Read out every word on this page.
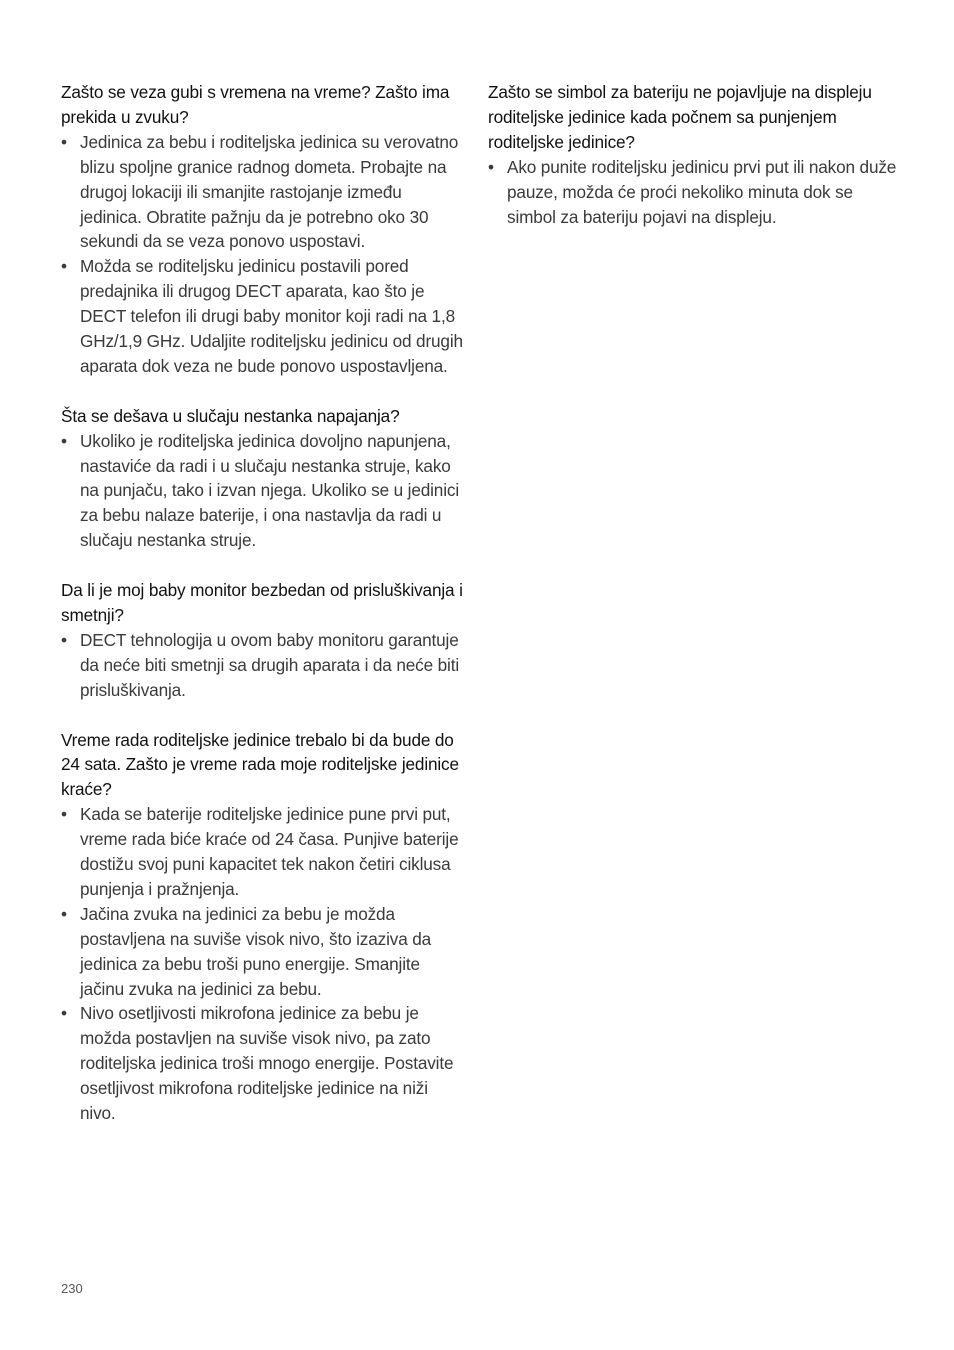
Zašto se veza gubi s vremena na vreme? Zašto ima prekida u zvuku?

• Jedinica za bebu i roditeljska jedinica su verovatno blizu spoljne granice radnog dometa. Probajte na drugoj lokaciji ili smanjite rastojanje između jedinica. Obratite pažnju da je potrebno oko 30 sekundi da se veza ponovo uspostavi.
• Možda se roditeljsku jedinicu postavili pored predajnika ili drugog DECT aparata, kao što je DECT telefon ili drugi baby monitor koji radi na 1,8 GHz/1,9 GHz. Udaljite roditeljsku jedinicu od drugih aparata dok veza ne bude ponovo uspostavljena.

Šta se dešava u slučaju nestanka napajanja?

• Ukoliko je roditeljska jedinica dovoljno napunjena, nastaviće da radi i u slučaju nestanka struje, kako na punjaču, tako i izvan njega. Ukoliko se u jedinici za bebu nalaze baterije, i ona nastavlja da radi u slučaju nestanka struje.

Da li je moj baby monitor bezbedan od prisluškivanja i smetnji?

• DECT tehnologija u ovom baby monitoru garantuje da neće biti smetnji sa drugih aparata i da neće biti prisluškivanja.

Vreme rada roditeljske jedinice trebalo bi da bude do 24 sata. Zašto je vreme rada moje roditeljske jedinice kraće?

• Kada se baterije roditeljske jedinice pune prvi put, vreme rada biće kraće od 24 časa. Punjive baterije dostižu svoj puni kapacitet tek nakon četiri ciklusa punjenja i pražnjenja.
• Jačina zvuka na jedinici za bebu je možda postavljena na suviše visok nivo, što izaziva da jedinica za bebu troši puno energije. Smanjite jačinu zvuka na jedinici za bebu.
• Nivo osetljivosti mikrofona jedinice za bebu je možda postavljen na suviše visok nivo, pa zato roditeljska jedinica troši mnogo energije. Postavite osetljivost mikrofona roditeljske jedinice na niži nivo.

Zašto se simbol za bateriju ne pojavljuje na displeju roditeljske jedinice kada počnem sa punjenjem roditeljske jedinice?

• Ako punite roditeljsku jedinicu prvi put ili nakon duže pauze, možda će proći nekoliko minuta dok se simbol za bateriju pojavi na displeju.
230
